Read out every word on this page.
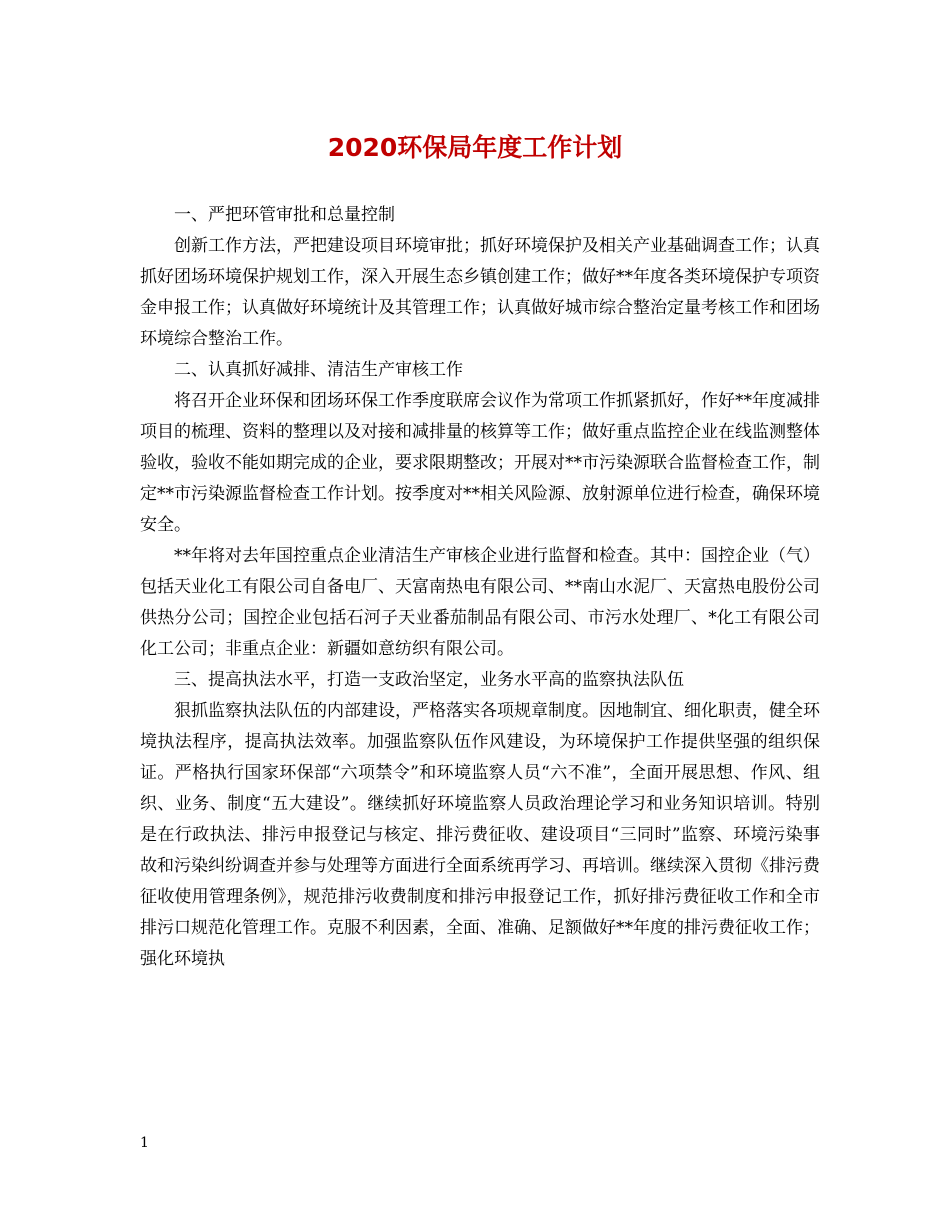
2020环保局年度工作计划

一、严把环管审批和总量控制

创新工作方法，严把建设项目环境审批；抓好环境保护及相关产业基础调查工作；认真抓好团场环境保护规划工作，深入开展生态乡镇创建工作；做好**年度各类环境保护专项资金申报工作；认真做好环境统计及其管理工作；认真做好城市综合整治定量考核工作和团场环境综合整治工作。

二、认真抓好减排、清洁生产审核工作

将召开企业环保和团场环保工作季度联席会议作为常项工作抓紧抓好，作好**年度减排项目的梳理、资料的整理以及对接和减排量的核算等工作；做好重点监控企业在线监测整体验收，验收不能如期完成的企业，要求限期整改；开展对**市污染源联合监督检查工作，制定**市污染源监督检查工作计划。按季度对**相关风险源、放射源单位进行检查，确保环境安全。

**年将对去年国控重点企业清洁生产审核企业进行监督和检查。其中：国控企业（气）包括天业化工有限公司自备电厂、天富南热电有限公司、**南山水泥厂、天富热电股份公司供热分公司；国控企业包括石河子天业番茄制品有限公司、市污水处理厂、*化工有限公司化工公司；非重点企业：新疆如意纺织有限公司。

三、提高执法水平，打造一支政治坚定，业务水平高的监察执法队伍

狠抓监察执法队伍的内部建设，严格落实各项规章制度。因地制宜、细化职责，健全环境执法程序，提高执法效率。加强监察队伍作风建设，为环境保护工作提供坚强的组织保证。严格执行国家环保部“六项禁令”和环境监察人员“六不准”，全面开展思想、作风、组织、业务、制度“五大建设”。继续抓好环境监察人员政治理论学习和业务知识培训。特别是在行政执法、排污申报登记与核定、排污费征收、建设项目“三同时”监察、环境污染事故和污染纠纷调查并参与处理等方面进行全面系统再学习、再培训。继续深入贯彻《排污费征收使用管理条例》，规范排污收费制度和排污申报登记工作，抓好排污费征收工作和全市排污口规范化管理工作。克服不利因素，全面、准确、足额做好**年度的排污费征收工作；强化环境执

1
